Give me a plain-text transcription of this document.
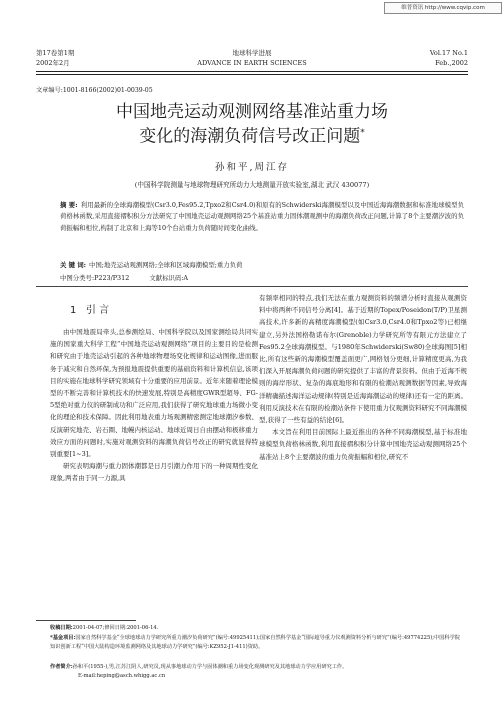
维普资讯 http://www.cqvip.com
第17卷第1期
2002年2月
地球科学进展
ADVANCE IN EARTH SCIENCES
Vol.17 No.1
Feb.,2002
文章编号:1001-8166(2002)01-0039-05
中国地壳运动观测网络基准站重力场
变化的海潮负荷信号改正问题*
孙和平,周江存
(中国科学院测量与地球物理研究所动力大地测量开放实验室,湖北 武汉 430077)
摘 要: 利用最新的全球海潮模型(Csr3.0,Fes95.2,Tpxo2和Csr4.0)和原有的Schwiderski海潮模型以及中国近海海潮数据和标准地球模型负荷格林函数,采用直接褶积积分方法研究了中国地壳运动观测网络25个基准站重力固体潮观测中的海潮负荷改正问题,计算了8个主要潮汐波的负荷振幅和相位,构制了北京和上海等10个台站重力负荷随时间变化曲线。
关 键 词: 中国;地壳运动观测网络;全球和区域海潮模型;重力负荷
中图分类号:P223/P312	文献标识码:A
1 引 言

由中国地震局牵头,总参测绘局、中国科学院以及国家测绘局共同实施的国家重大科学工程“中国地壳运动观测网络”项目的主要目的是检测和研究由于地壳运动引起的各种地球物理场变化规律和运动图像,进而服务于减灾和自然环保,为预报地震提供重要的基础资料和计算机信息,该项目的实施在地球科学研究领域有十分重要的应用前景。近年来随着理论模型的不断完善和计算机技术的快速发展,特别是高精度GWR型超导、FG-5型绝对重力仪的研制成功和广泛应用,我们获得了研究地球重力场微小变化的理论和技术保障。因此利用地表重力场观测精密测定地球潮汐参数、反演研究地壳、岩石圈、地幔内核运动、地球近周日自由摆动和极移重力效应方面的问题时,实施对观测资料的海潮负荷信号改正的研究就显得特别重要[1~3]。

研究表明海潮与重力固体潮都是日月引潮力作用下的一种周期性变化现象,两者由于同一力源,具

有频率相同的特点,我们无法在重力观测资料的频谱分析时直接从观测资料中将两种不同信号分离[4]。基于近期的Topex/Poseidon(T/P)卫星测高技术,许多新的高精度海潮模型(如Csr3.0,Csr4.0和Tpxo2等)已相继建立,另外法国格勒诺布尔(Grenoble)力学研究所等有限元方法建立了Fes95.2全球海潮模型。与1980年Schwiderski(Sw80)全球海图[5]相比,所有这些新的海潮模型覆盖面更广,网格划分更细,计算精度更高,为我们深入开展海潮负荷问题的研究提供了丰富的背景资料。但由于近海不规则的海岸形状、复杂的海底地形和有限的检潮站观测数据等因素,导致海洋精确描述海洋运动规律(特别是近海海潮运动的规律)还有一定的距离。利用反演技术在有限的检潮站条件下使用重力仪观测资料研究不同海潮模型,获得了一些有益的结论[6]。

本文旨在利用目前国际上最近推出的各种不同海潮模型,基于标准地球模型负荷格林函数,利用直接褶积积分计算中国地壳运动观测网络25个基准站上8个主要潮波的重力负荷振幅和相位,研究不

收稿日期:2001-04-07;修回日期:2001-06-14.
*基金项目:国家自然科学基金“全球地球动力学研究所重力潮汐负荷研究”(编号:49925411);国家自然科学基金“国际超导重力仪观测资料分析与研究”(编号:49774225);中国科学院知识创新工程“中国大陆构造环境监测网络及其地球动力学研究”(编号:KZ952-J1-411)资助。
作者简介:孙和平(1955-),男,江苏江阴人,研究员,现从事地球动力学与固体潮和重力场变化观测研究及其地球动力学应用研究工作。
E-mail:heping@asch.whigg.ac.cn
